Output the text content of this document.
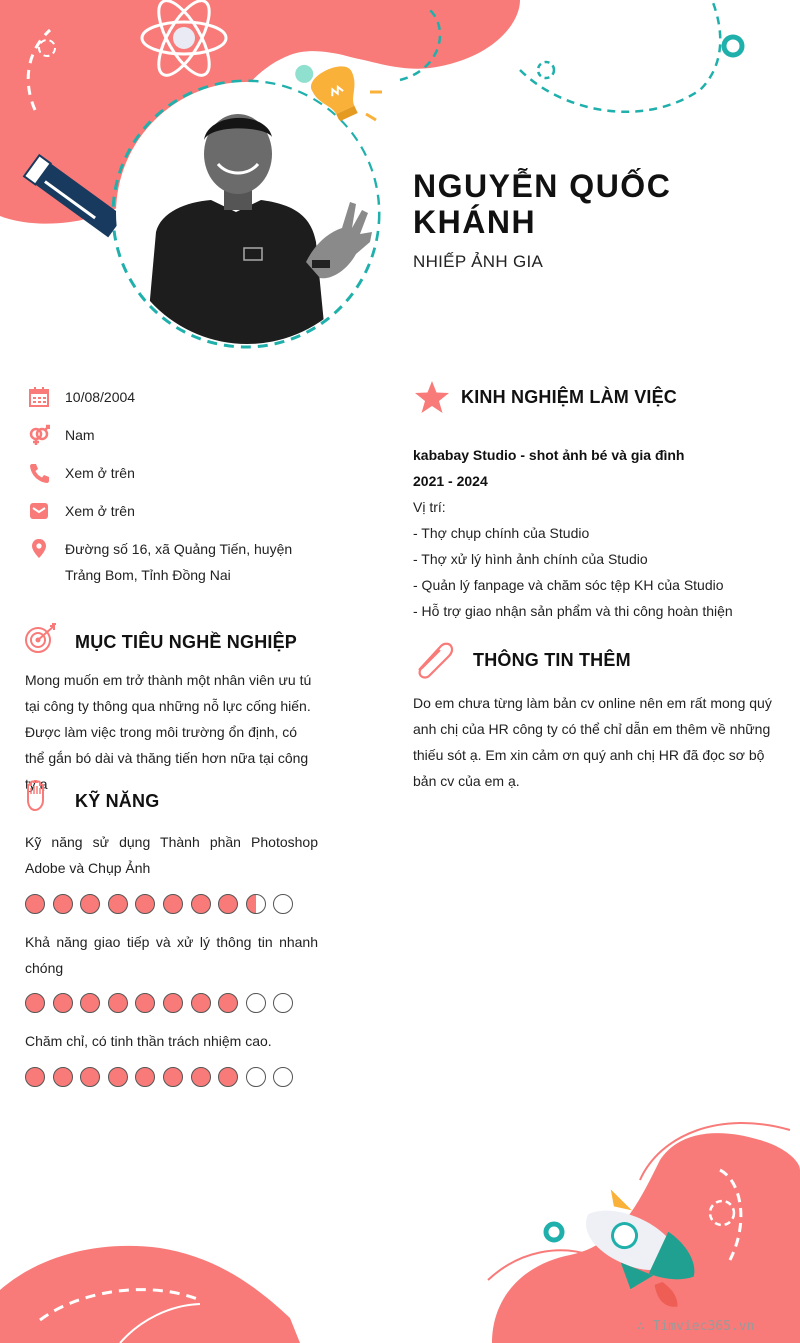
NGUYỄN QUỐC KHÁNH
NHIẾP ẢNH GIA
10/08/2004
Nam
Xem ở trên
Xem ở trên
Đường số 16, xã Quảng Tiến, huyện Trảng Bom, Tỉnh Đồng Nai
MỤC TIÊU NGHỀ NGHIỆP
Mong muốn em trở thành một nhân viên ưu tú tại công ty thông qua những nỗ lực cống hiến. Được làm việc trong môi trường ổn định, có thể gắn bó dài và thăng tiến hơn nữa tại công ty ạ
KỸ NĂNG
Kỹ năng sử dụng Thành phần Photoshop Adobe và Chụp Ảnh
Khả năng giao tiếp và xử lý thông tin nhanh chóng
Chăm chỉ, có tinh thần trách nhiệm cao.
KINH NGHIỆM LÀM VIỆC
kababay Studio - shot ảnh bé và gia đình
2021 - 2024
Vị trí:
- Thợ chụp chính của Studio
- Thợ xử lý hình ảnh chính của Studio
- Quản lý fanpage và chăm sóc tệp KH của Studio
- Hỗ trợ giao nhận sản phẩm và thi công hoàn thiện
THÔNG TIN THÊM
Do em chưa từng làm bản cv online nên em rất mong quý anh chị của HR công ty có thể chỉ dẫn em thêm về những thiếu sót ạ. Em xin cảm ơn quý anh chị HR đã đọc sơ bộ bản cv của em ạ.
∴ Timviec365.vn
